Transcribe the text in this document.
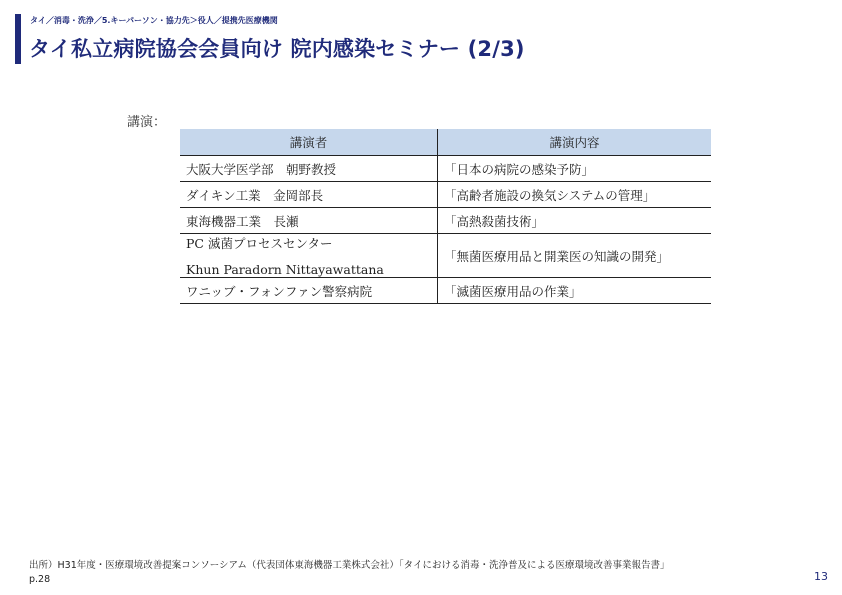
タイ／消毒・洗浄／5.キーパーソン・協力先＞役人／提携先医療機関
タイ私立病院協会会員向け 院内感染セミナー (2/3)
講演：
講演者	講演内容
大阪大学医学部　朝野教授	「日本の病院の感染予防」
ダイキン工業　金岡部長	「高齢者施設の換気システムの管理」
東海機器工業　長瀬	「高熱殺菌技術」
PC 滅菌プロセスセンター
Khun Paradorn Nittayawattana	「無菌医療用品と開業医の知識の開発」
ワニッブ・フォンファン警察病院	「滅菌医療用品の作業」
出所）H31年度・医療環境改善提案コンソーシアム（代表団体東海機器工業株式会社）「タイにおける消毒・洗浄普及による医療環境改善事業報告書」
p.28	13
